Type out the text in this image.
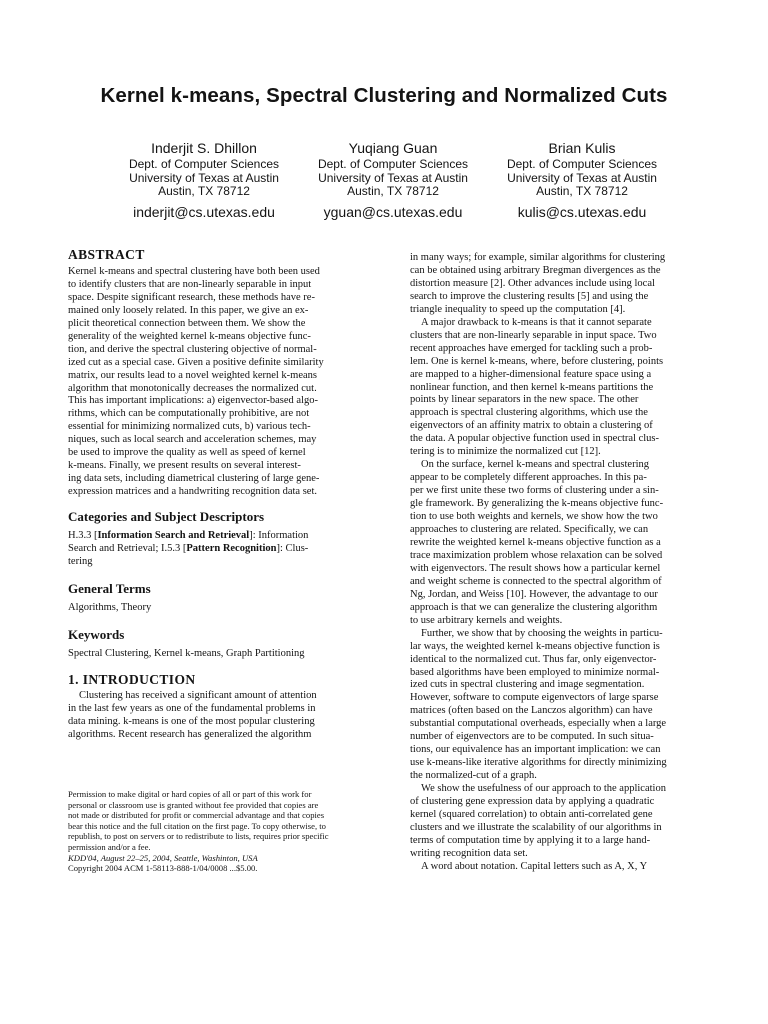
Kernel k-means, Spectral Clustering and Normalized Cuts
Inderjit S. Dhillon
Dept. of Computer Sciences
University of Texas at Austin
Austin, TX 78712
inderjit@cs.utexas.edu
Yuqiang Guan
Dept. of Computer Sciences
University of Texas at Austin
Austin, TX 78712
yguan@cs.utexas.edu
Brian Kulis
Dept. of Computer Sciences
University of Texas at Austin
Austin, TX 78712
kulis@cs.utexas.edu
ABSTRACT

Kernel k-means and spectral clustering have both been used

to identify clusters that are non-linearly separable in input

space. Despite significant research, these methods have re-

mained only loosely related. In this paper, we give an ex-

plicit theoretical connection between them. We show the

generality of the weighted kernel k-means objective func-

tion, and derive the spectral clustering objective of normal-

ized cut as a special case. Given a positive definite similarity

matrix, our results lead to a novel weighted kernel k-means

algorithm that monotonically decreases the normalized cut.

This has important implications: a) eigenvector-based algo-

rithms, which can be computationally prohibitive, are not

essential for minimizing normalized cuts, b) various tech-

niques, such as local search and acceleration schemes, may

be used to improve the quality as well as speed of kernel

k-means. Finally, we present results on several interest-

ing data sets, including diametrical clustering of large gene-

expression matrices and a handwriting recognition data set.

Categories and Subject Descriptors

H.3.3 [Information Search and Retrieval]: Information

Search and Retrieval; I.5.3 [Pattern Recognition]: Clus-

tering

General Terms

Algorithms, Theory

Keywords

Spectral Clustering, Kernel k-means, Graph Partitioning

1. INTRODUCTION

Clustering has received a significant amount of attention

in the last few years as one of the fundamental problems in

data mining. k-means is one of the most popular clustering

algorithms. Recent research has generalized the algorithm

Permission to make digital or hard copies of all or part of this work for
personal or classroom use is granted without fee provided that copies are
not made or distributed for profit or commercial advantage and that copies
bear this notice and the full citation on the first page. To copy otherwise, to
republish, to post on servers or to redistribute to lists, requires prior specific
permission and/or a fee.
KDD'04, August 22–25, 2004, Seattle, Washinton, USA
Copyright 2004 ACM 1-58113-888-1/04/0008 ...$5.00.

in many ways; for example, similar algorithms for clustering

can be obtained using arbitrary Bregman divergences as the

distortion measure [2]. Other advances include using local

search to improve the clustering results [5] and using the

triangle inequality to speed up the computation [4].

A major drawback to k-means is that it cannot separate

clusters that are non-linearly separable in input space. Two

recent approaches have emerged for tackling such a prob-

lem. One is kernel k-means, where, before clustering, points

are mapped to a higher-dimensional feature space using a

nonlinear function, and then kernel k-means partitions the

points by linear separators in the new space. The other

approach is spectral clustering algorithms, which use the

eigenvectors of an affinity matrix to obtain a clustering of

the data. A popular objective function used in spectral clus-

tering is to minimize the normalized cut [12].

On the surface, kernel k-means and spectral clustering

appear to be completely different approaches. In this pa-

per we first unite these two forms of clustering under a sin-

gle framework. By generalizing the k-means objective func-

tion to use both weights and kernels, we show how the two

approaches to clustering are related. Specifically, we can

rewrite the weighted kernel k-means objective function as a

trace maximization problem whose relaxation can be solved

with eigenvectors. The result shows how a particular kernel

and weight scheme is connected to the spectral algorithm of

Ng, Jordan, and Weiss [10]. However, the advantage to our

approach is that we can generalize the clustering algorithm

to use arbitrary kernels and weights.

Further, we show that by choosing the weights in particu-

lar ways, the weighted kernel k-means objective function is

identical to the normalized cut. Thus far, only eigenvector-

based algorithms have been employed to minimize normal-

ized cuts in spectral clustering and image segmentation.

However, software to compute eigenvectors of large sparse

matrices (often based on the Lanczos algorithm) can have

substantial computational overheads, especially when a large

number of eigenvectors are to be computed. In such situa-

tions, our equivalence has an important implication: we can

use k-means-like iterative algorithms for directly minimizing

the normalized-cut of a graph.

We show the usefulness of our approach to the application

of clustering gene expression data by applying a quadratic

kernel (squared correlation) to obtain anti-correlated gene

clusters and we illustrate the scalability of our algorithms in

terms of computation time by applying it to a large hand-

writing recognition data set.

A word about notation. Capital letters such as A, X, Y
